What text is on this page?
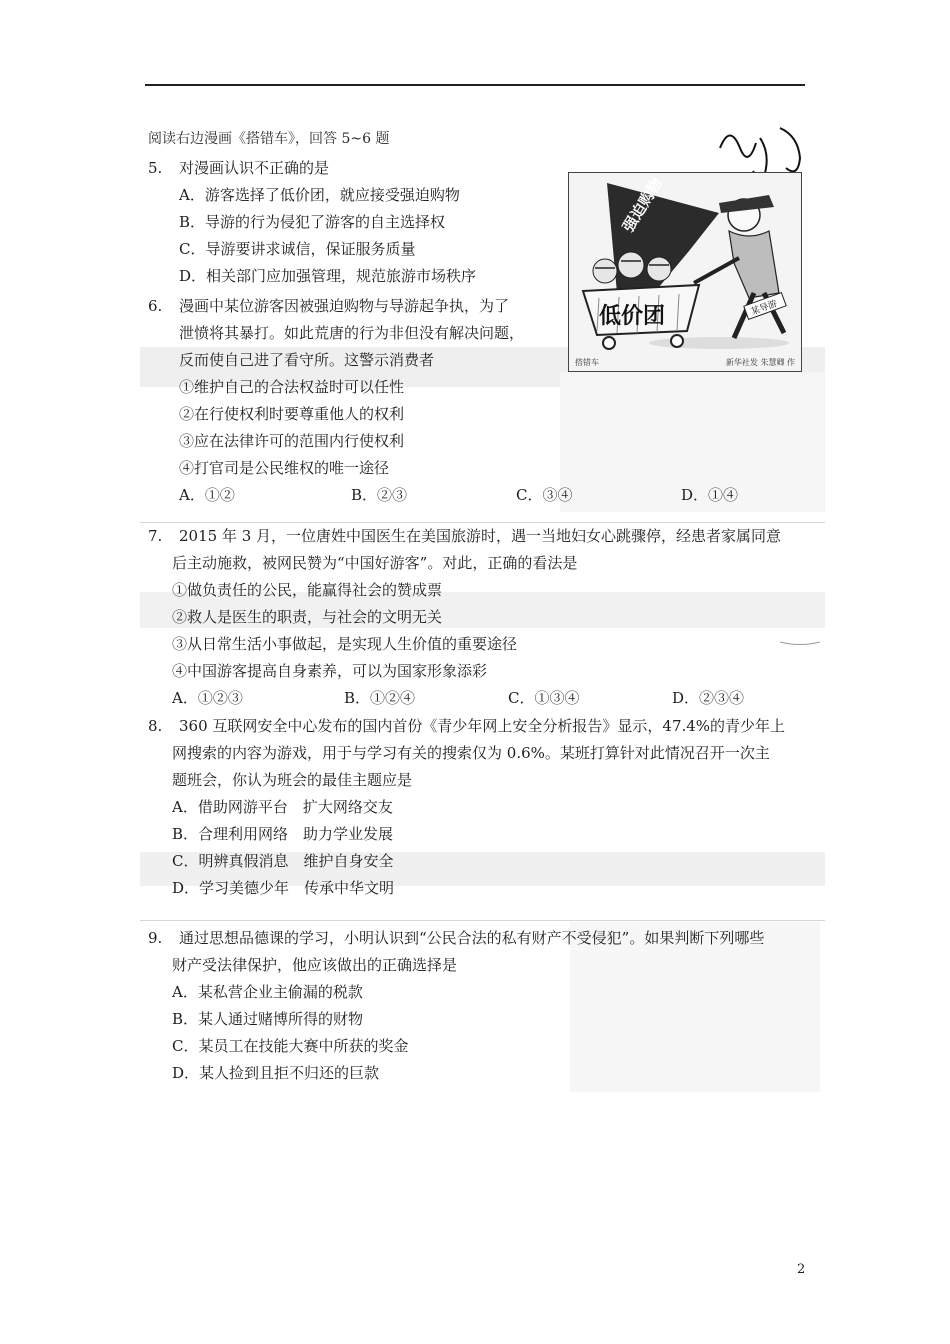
阅读右边漫画《搭错车》，回答 5~6 题
强迫购物
某导游
低价团
搭错车	新华社发 朱慧卿 作
5. 对漫画认识不正确的是
A．游客选择了低价团，就应接受强迫购物
B．导游的行为侵犯了游客的自主选择权
C．导游要讲求诚信，保证服务质量
D．相关部门应加强管理，规范旅游市场秩序
6. 漫画中某位游客因被强迫购物与导游起争执，为了
泄愤将其暴打。如此荒唐的行为非但没有解决问题，
反而使自己进了看守所。这警示消费者
①维护自己的合法权益时可以任性
②在行使权利时要尊重他人的权利
③应在法律许可的范围内行使权利
④打官司是公民维权的唯一途径
A．①②	B．②③	C．③④	D．①④
7. 2015 年 3 月，一位唐姓中国医生在美国旅游时，遇一当地妇女心跳骤停，经患者家属同意
后主动施救，被网民赞为“中国好游客”。对此，正确的看法是
①做负责任的公民，能赢得社会的赞成票
②救人是医生的职责，与社会的文明无关
③从日常生活小事做起，是实现人生价值的重要途径
④中国游客提高自身素养，可以为国家形象添彩
A．①②③	B．①②④	C．①③④	D．②③④
8. 360 互联网安全中心发布的国内首份《青少年网上安全分析报告》显示，47.4%的青少年上
网搜索的内容为游戏，用于与学习有关的搜索仅为 0.6%。某班打算针对此情况召开一次主
题班会，你认为班会的最佳主题应是
A．借助网游平台　扩大网络交友
B．合理利用网络　助力学业发展
C．明辨真假消息　维护自身安全
D．学习美德少年　传承中华文明
9. 通过思想品德课的学习，小明认识到“公民合法的私有财产不受侵犯”。如果判断下列哪些
财产受法律保护，他应该做出的正确选择是
A．某私营企业主偷漏的税款
B．某人通过赌博所得的财物
C．某员工在技能大赛中所获的奖金
D．某人捡到且拒不归还的巨款
2
